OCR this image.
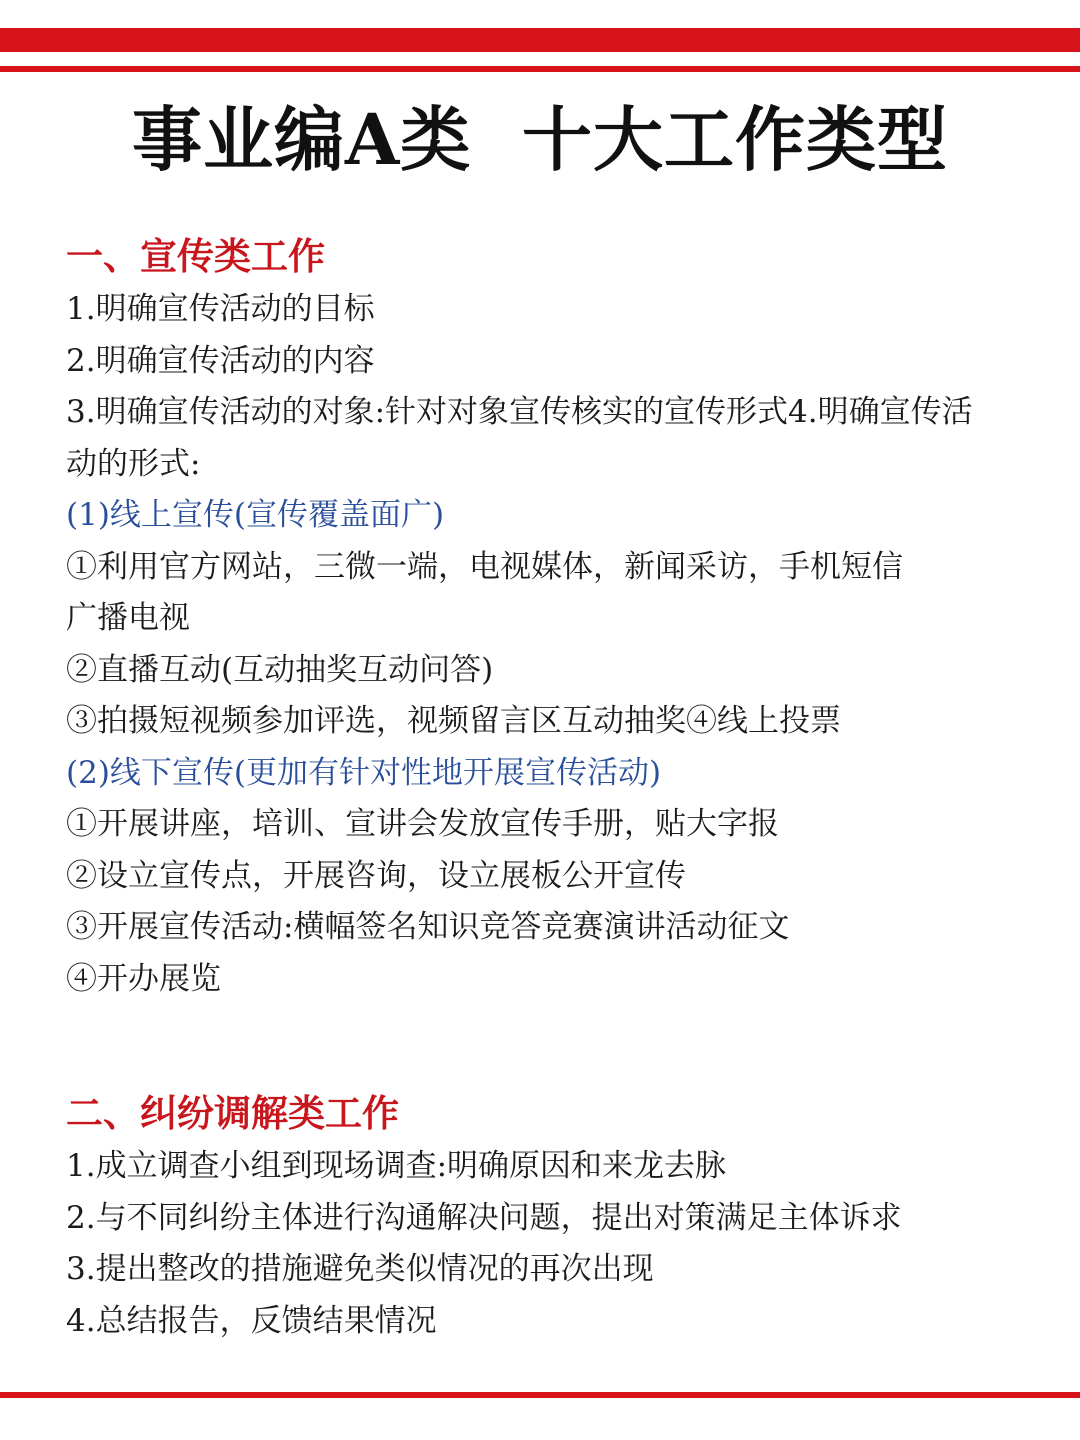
事业编A类  十大工作类型
一、宣传类工作
1.明确宣传活动的目标
2.明确宣传活动的内容
3.明确宣传活动的对象:针对对象宣传核实的宣传形式4.明确宣传活
动的形式:
(1)线上宣传(宣传覆盖面广)
①利用官方网站，三微一端，电视媒体，新闻采访，手机短信
广播电视
②直播互动(互动抽奖互动问答)
③拍摄短视频参加评选，视频留言区互动抽奖④线上投票
(2)线下宣传(更加有针对性地开展宣传活动)
①开展讲座，培训、宣讲会发放宣传手册，贴大字报
②设立宣传点，开展咨询，设立展板公开宣传
③开展宣传活动:横幅签名知识竞答竞赛演讲活动征文
④开办展览
二、纠纷调解类工作
1.成立调查小组到现场调查:明确原因和来龙去脉
2.与不同纠纷主体进行沟通解决问题，提出对策满足主体诉求
3.提出整改的措施避免类似情况的再次出现
4.总结报告，反馈结果情况
